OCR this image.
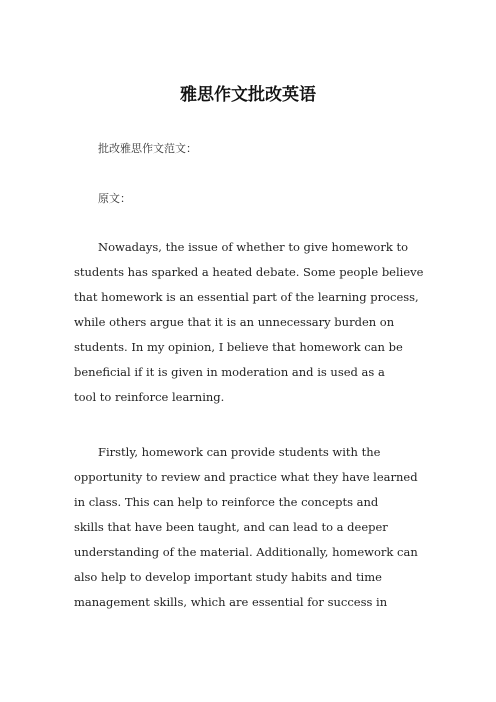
雅思作文批改英语

批改雅思作文范文：

原文：

Nowadays, the issue of whether to give homework to

students has sparked a heated debate. Some people believe

that homework is an essential part of the learning process,

while others argue that it is an unnecessary burden on

students. In my opinion, I believe that homework can be

beneficial if it is given in moderation and is used as a

tool to reinforce learning.

Firstly, homework can provide students with the

opportunity to review and practice what they have learned

in class. This can help to reinforce the concepts and

skills that have been taught, and can lead to a deeper

understanding of the material. Additionally, homework can

also help to develop important study habits and time

management skills, which are essential for success in
